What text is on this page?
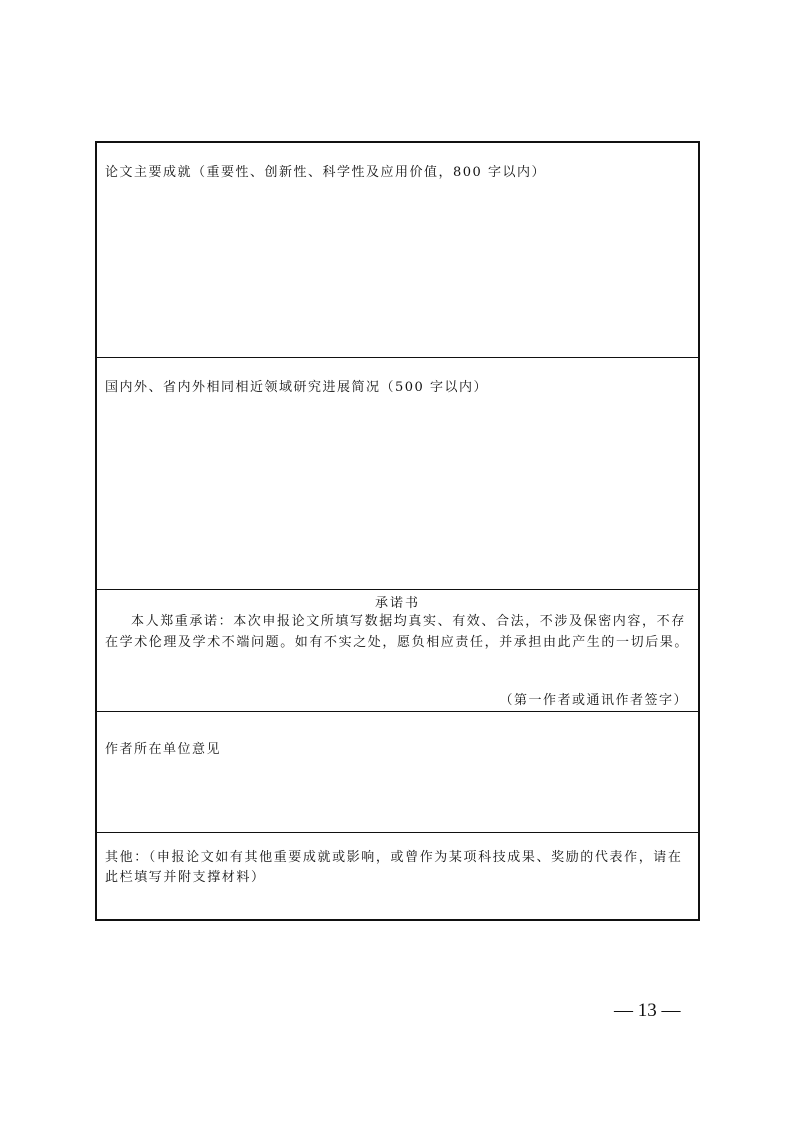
论文主要成就（重要性、创新性、科学性及应用价值，800 字以内）
国内外、省内外相同相近领域研究进展简况（500 字以内）
承诺书
本人郑重承诺：本次申报论文所填写数据均真实、有效、合法，不涉及保密内容，不存在学术伦理及学术不端问题。如有不实之处，愿负相应责任，并承担由此产生的一切后果。
（第一作者或通讯作者签字）
作者所在单位意见
其他：（申报论文如有其他重要成就或影响，或曾作为某项科技成果、奖励的代表作，请在此栏填写并附支撑材料）
— 13 —
